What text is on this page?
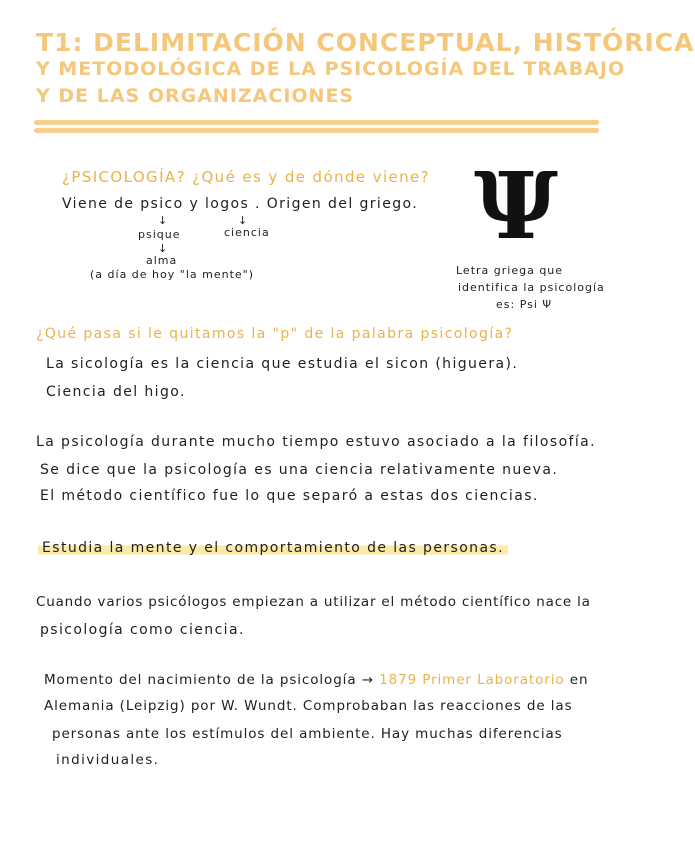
T1: DELIMITACIÓN CONCEPTUAL, HISTÓRICA
Y METODOLÓGICA DE LA PSICOLOGÍA DEL TRABAJO
Y DE LAS ORGANIZACIONES
¿PSICOLOGÍA? ¿Qué es y de dónde viene?
Viene de psico y logos . Origen del griego.
↓
psique
↓
ciencia
↓
alma
(a día de hoy "la mente")
Ψ
Letra griega que
identifica la psicología
es: Psi Ψ
¿Qué pasa si le quitamos la "p" de la palabra psicología?
La sicología es la ciencia que estudia el sicon (higuera).
Ciencia del higo.
La psicología durante mucho tiempo estuvo asociado a la filosofía.
Se dice que la psicología es una ciencia relativamente nueva.
El método científico fue lo que separó a estas dos ciencias.
Estudia la mente y el comportamiento de las personas.
Cuando varios psicólogos empiezan a utilizar el método científico nace la
psicología como ciencia.
Momento del nacimiento de la psicología → 1879 Primer Laboratorio en
Alemania (Leipzig) por W. Wundt. Comprobaban las reacciones de las
personas ante los estímulos del ambiente. Hay muchas diferencias
individuales.
